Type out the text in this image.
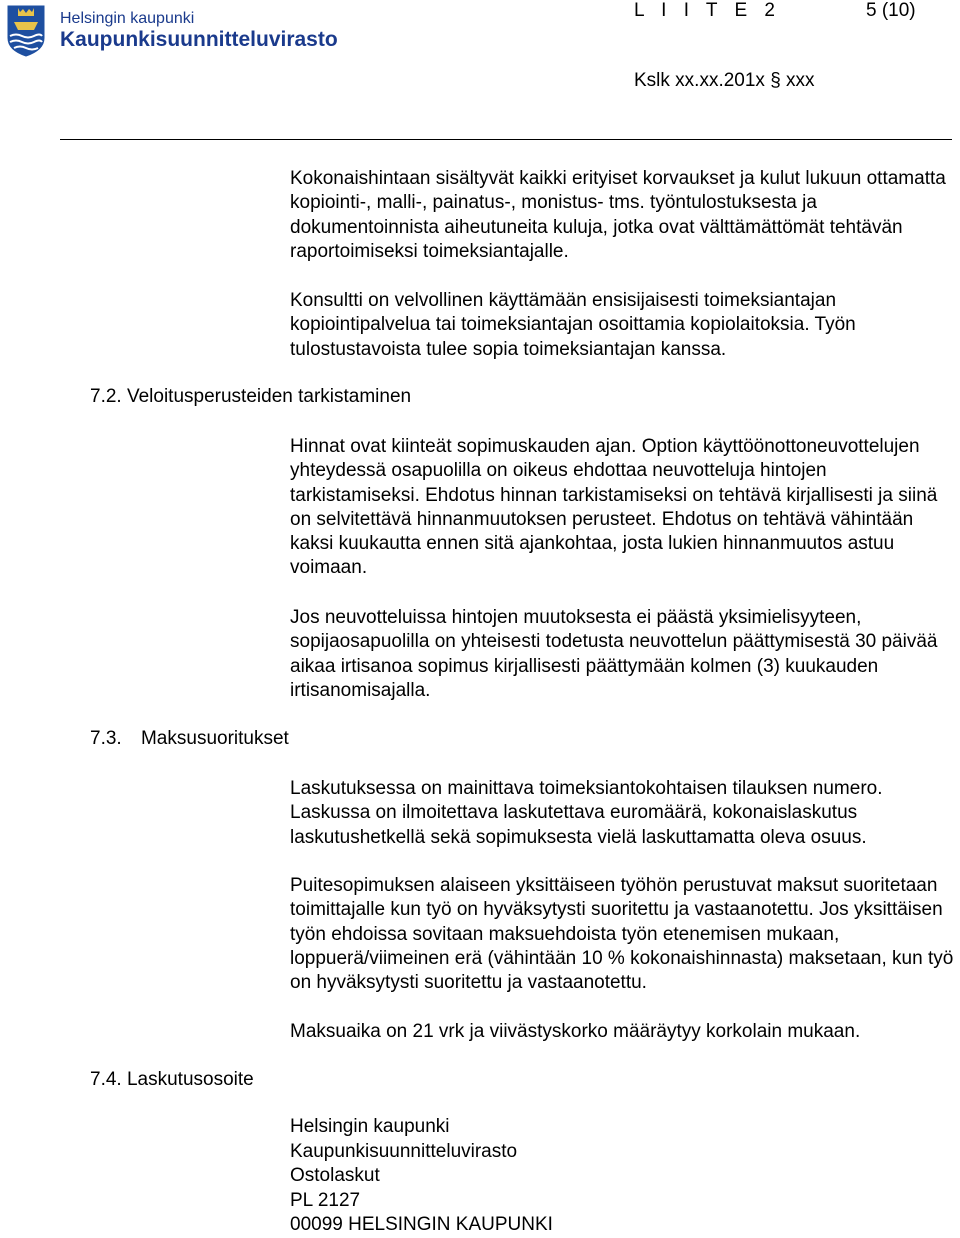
Helsingin kaupunki
Kaupunkisuunnitteluvirasto
L I I T E 2	5 (10)
Kslk xx.xx.201x § xxx

Kokonaishintaan sisältyvät kaikki erityiset korvaukset ja kulut lukuun ottamatta kopiointi-, malli-, painatus-, monistus- tms. työntulostuksesta ja dokumentoinnista aiheutuneita kuluja, jotka ovat välttämättömät tehtävän raportoimiseksi toimeksiantajalle.

Konsultti on velvollinen käyttämään ensisijaisesti toimeksiantajan kopiointipalvelua tai toimeksiantajan osoittamia kopiolaitoksia. Työn tulostustavoista tulee sopia toimeksiantajan kanssa.

7.2. Veloitusperusteiden tarkistaminen

Hinnat ovat kiinteät sopimuskauden ajan. Option käyttöönottoneuvottelujen yhteydessä osapuolilla on oikeus ehdottaa neuvotteluja hintojen tarkistamiseksi. Ehdotus hinnan tarkistamiseksi on tehtävä kirjallisesti ja siinä on selvitettävä hinnanmuutoksen perusteet. Ehdotus on tehtävä vähintään kaksi kuukautta ennen sitä ajankohtaa, josta lukien hinnanmuutos astuu voimaan.

Jos neuvotteluissa hintojen muutoksesta ei päästä yksimielisyyteen, sopijaosapuolilla on yhteisesti todetusta neuvottelun päättymisestä 30 päivää aikaa irtisanoa sopimus kirjallisesti päättymään kolmen (3) kuukauden irtisanomisajalla.

7.3. Maksusuoritukset

Laskutuksessa on mainittava toimeksiantokohtaisen tilauksen numero. Laskussa on ilmoitettava laskutettava euromäärä, kokonaislaskutus laskutushetkellä sekä sopimuksesta vielä laskuttamatta oleva osuus.

Puitesopimuksen alaiseen yksittäiseen työhön perustuvat maksut suoritetaan toimittajalle kun työ on hyväksytysti suoritettu ja vastaanotettu. Jos yksittäisen työn ehdoissa sovitaan maksuehdoista työn etenemisen mukaan, loppuerä/viimeinen erä (vähintään 10 % kokonaishinnasta) maksetaan, kun työ on hyväksytysti suoritettu ja vastaanotettu.

Maksuaika on 21 vrk ja viivästyskorko määräytyy korkolain mukaan.

7.4. Laskutusosoite
Helsingin kaupunki
Kaupunkisuunnitteluvirasto
Ostolaskut
PL 2127
00099 HELSINGIN KAUPUNKI
